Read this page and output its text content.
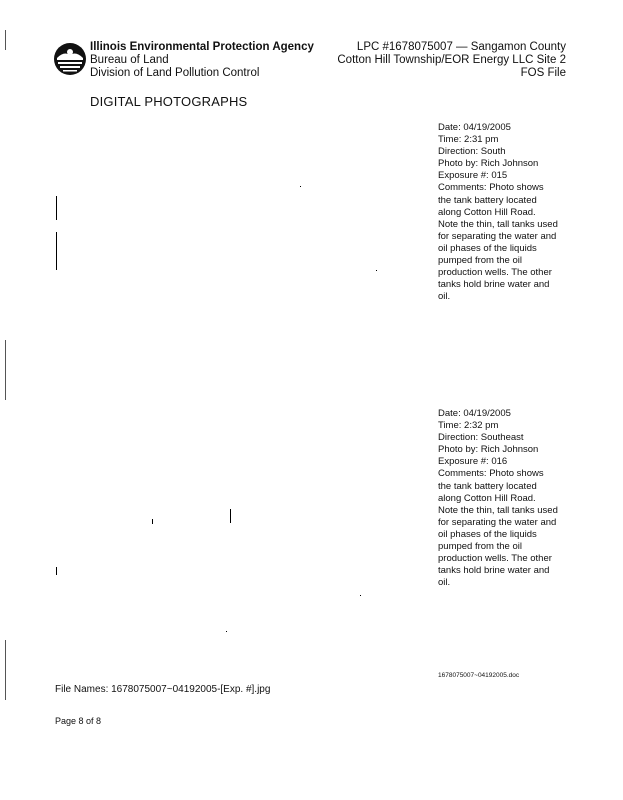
Illinois Environmental Protection Agency
Bureau of Land
Division of Land Pollution Control
LPC #1678075007 — Sangamon County
Cotton Hill Township/EOR Energy LLC Site 2
FOS File
DIGITAL PHOTOGRAPHS
Date: 04/19/2005
Time: 2:31 pm
Direction: South
Photo by: Rich Johnson
Exposure #: 015
Comments: Photo shows the tank battery located along Cotton Hill Road. Note the thin, tall tanks used for separating the water and oil phases of the liquids pumped from the oil production wells. The other tanks hold brine water and oil.
Date: 04/19/2005
Time: 2:32 pm
Direction: Southeast
Photo by: Rich Johnson
Exposure #: 016
Comments: Photo shows the tank battery located along Cotton Hill Road. Note the thin, tall tanks used for separating the water and oil phases of the liquids pumped from the oil production wells. The other tanks hold brine water and oil.
1678075007~04192005.doc
File Names: 1678075007~04192005-[Exp. #].jpg
Page 8 of 8
